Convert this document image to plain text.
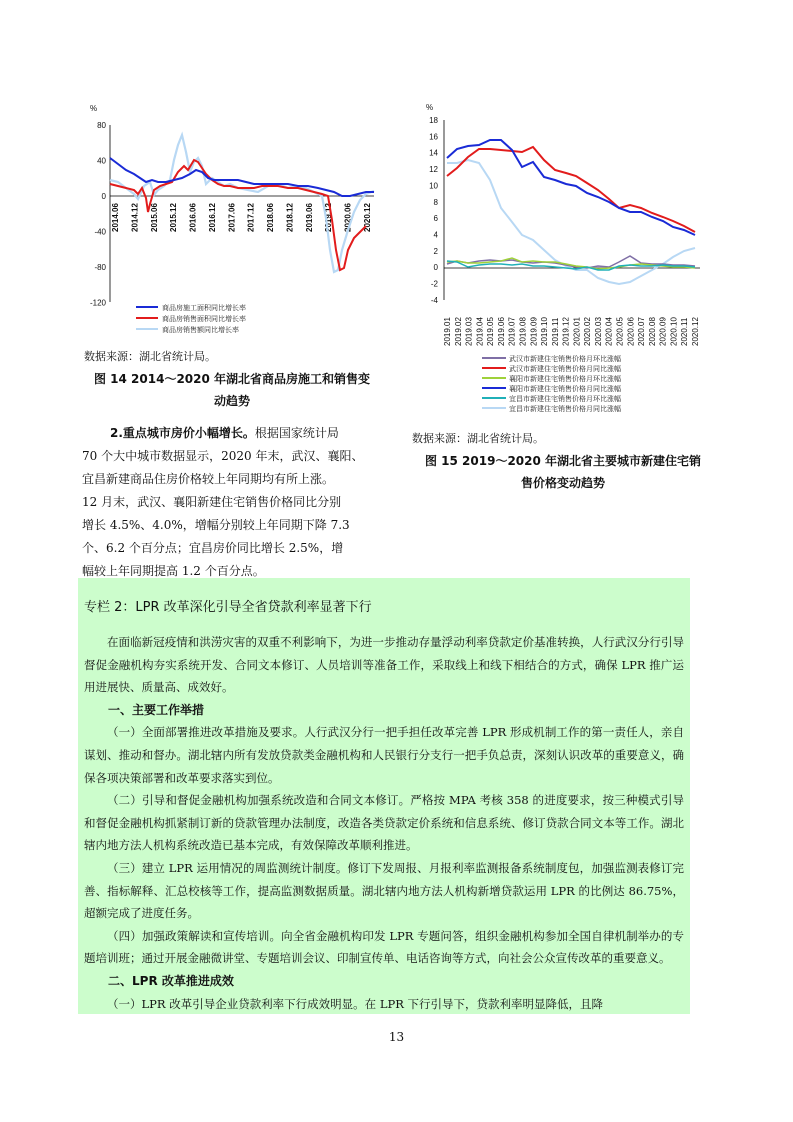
%
80
40
0
-40
-80
-120
2014.06 2014.12 2015.06 2015.12 2016.06 2016.12 2017.06 2017.12 2018.06 2018.12 2019.06 2019.12 2020.06 2020.12
商品房施工面积同比增长率
商品房销售面积同比增长率
商品房销售额同比增长率
数据来源：湖北省统计局。
图 14 2014～2020 年湖北省商品房施工和销售变
动趋势
%
18
16
14
12
10
8
6
4
2
0
-2
-4
2019.01 2019.02 2019.03 2019.04 2019.05 2019.06 2019.07 2019.08 2019.09 2019.10 2019.11 2019.12 2020.01 2020.02 2020.03 2020.04 2020.05 2020.06 2020.07 2020.08 2020.09 2020.10 2020.11 2020.12
武汉市新建住宅销售价格月环比涨幅
武汉市新建住宅销售价格月同比涨幅
襄阳市新建住宅销售价格月环比涨幅
襄阳市新建住宅销售价格月同比涨幅
宜昌市新建住宅销售价格月环比涨幅
宜昌市新建住宅销售价格月同比涨幅
数据来源：湖北省统计局。
图 15 2019～2020 年湖北省主要城市新建住宅销
售价格变动趋势
2.重点城市房价小幅增长。根据国家统计局
70 个大中城市数据显示，2020 年末，武汉、襄阳、
宜昌新建商品住房价格较上年同期均有所上涨。
12 月末，武汉、襄阳新建住宅销售价格同比分别
增长 4.5%、4.0%，增幅分别较上年同期下降 7.3
个、6.2 个百分点；宜昌房价同比增长 2.5%，增
幅较上年同期提高 1.2 个百分点。
专栏 2：LPR 改革深化引导全省贷款利率显著下行

在面临新冠疫情和洪涝灾害的双重不利影响下，为进一步推动存量浮动利率贷款定价基准转换，人行武汉分行引导督促金融机构夯实系统开发、合同文本修订、人员培训等准备工作，采取线上和线下相结合的方式，确保 LPR 推广运用进展快、质量高、成效好。

一、主要工作举措

（一）全面部署推进改革措施及要求。人行武汉分行一把手担任改革完善 LPR 形成机制工作的第一责任人，亲自谋划、推动和督办。湖北辖内所有发放贷款类金融机构和人民银行分支行一把手负总责，深刻认识改革的重要意义，确保各项决策部署和改革要求落实到位。

（二）引导和督促金融机构加强系统改造和合同文本修订。严格按 MPA 考核 358 的进度要求，按三种模式引导和督促金融机构抓紧制订新的贷款管理办法制度，改造各类贷款定价系统和信息系统、修订贷款合同文本等工作。湖北辖内地方法人机构系统改造已基本完成，有效保障改革顺利推进。

（三）建立 LPR 运用情况的周监测统计制度。修订下发周报、月报利率监测报备系统制度包，加强监测表修订完善、指标解释、汇总校核等工作，提高监测数据质量。湖北辖内地方法人机构新增贷款运用 LPR 的比例达 86.75%，超额完成了进度任务。

（四）加强政策解读和宣传培训。向全省金融机构印发 LPR 专题问答，组织金融机构参加全国自律机制举办的专题培训班；通过开展金融微讲堂、专题培训会议、印制宣传单、电话咨询等方式，向社会公众宣传改革的重要意义。

二、LPR 改革推进成效

（一）LPR 改革引导企业贷款利率下行成效明显。在 LPR 下行引导下，贷款利率明显降低，且降

13
